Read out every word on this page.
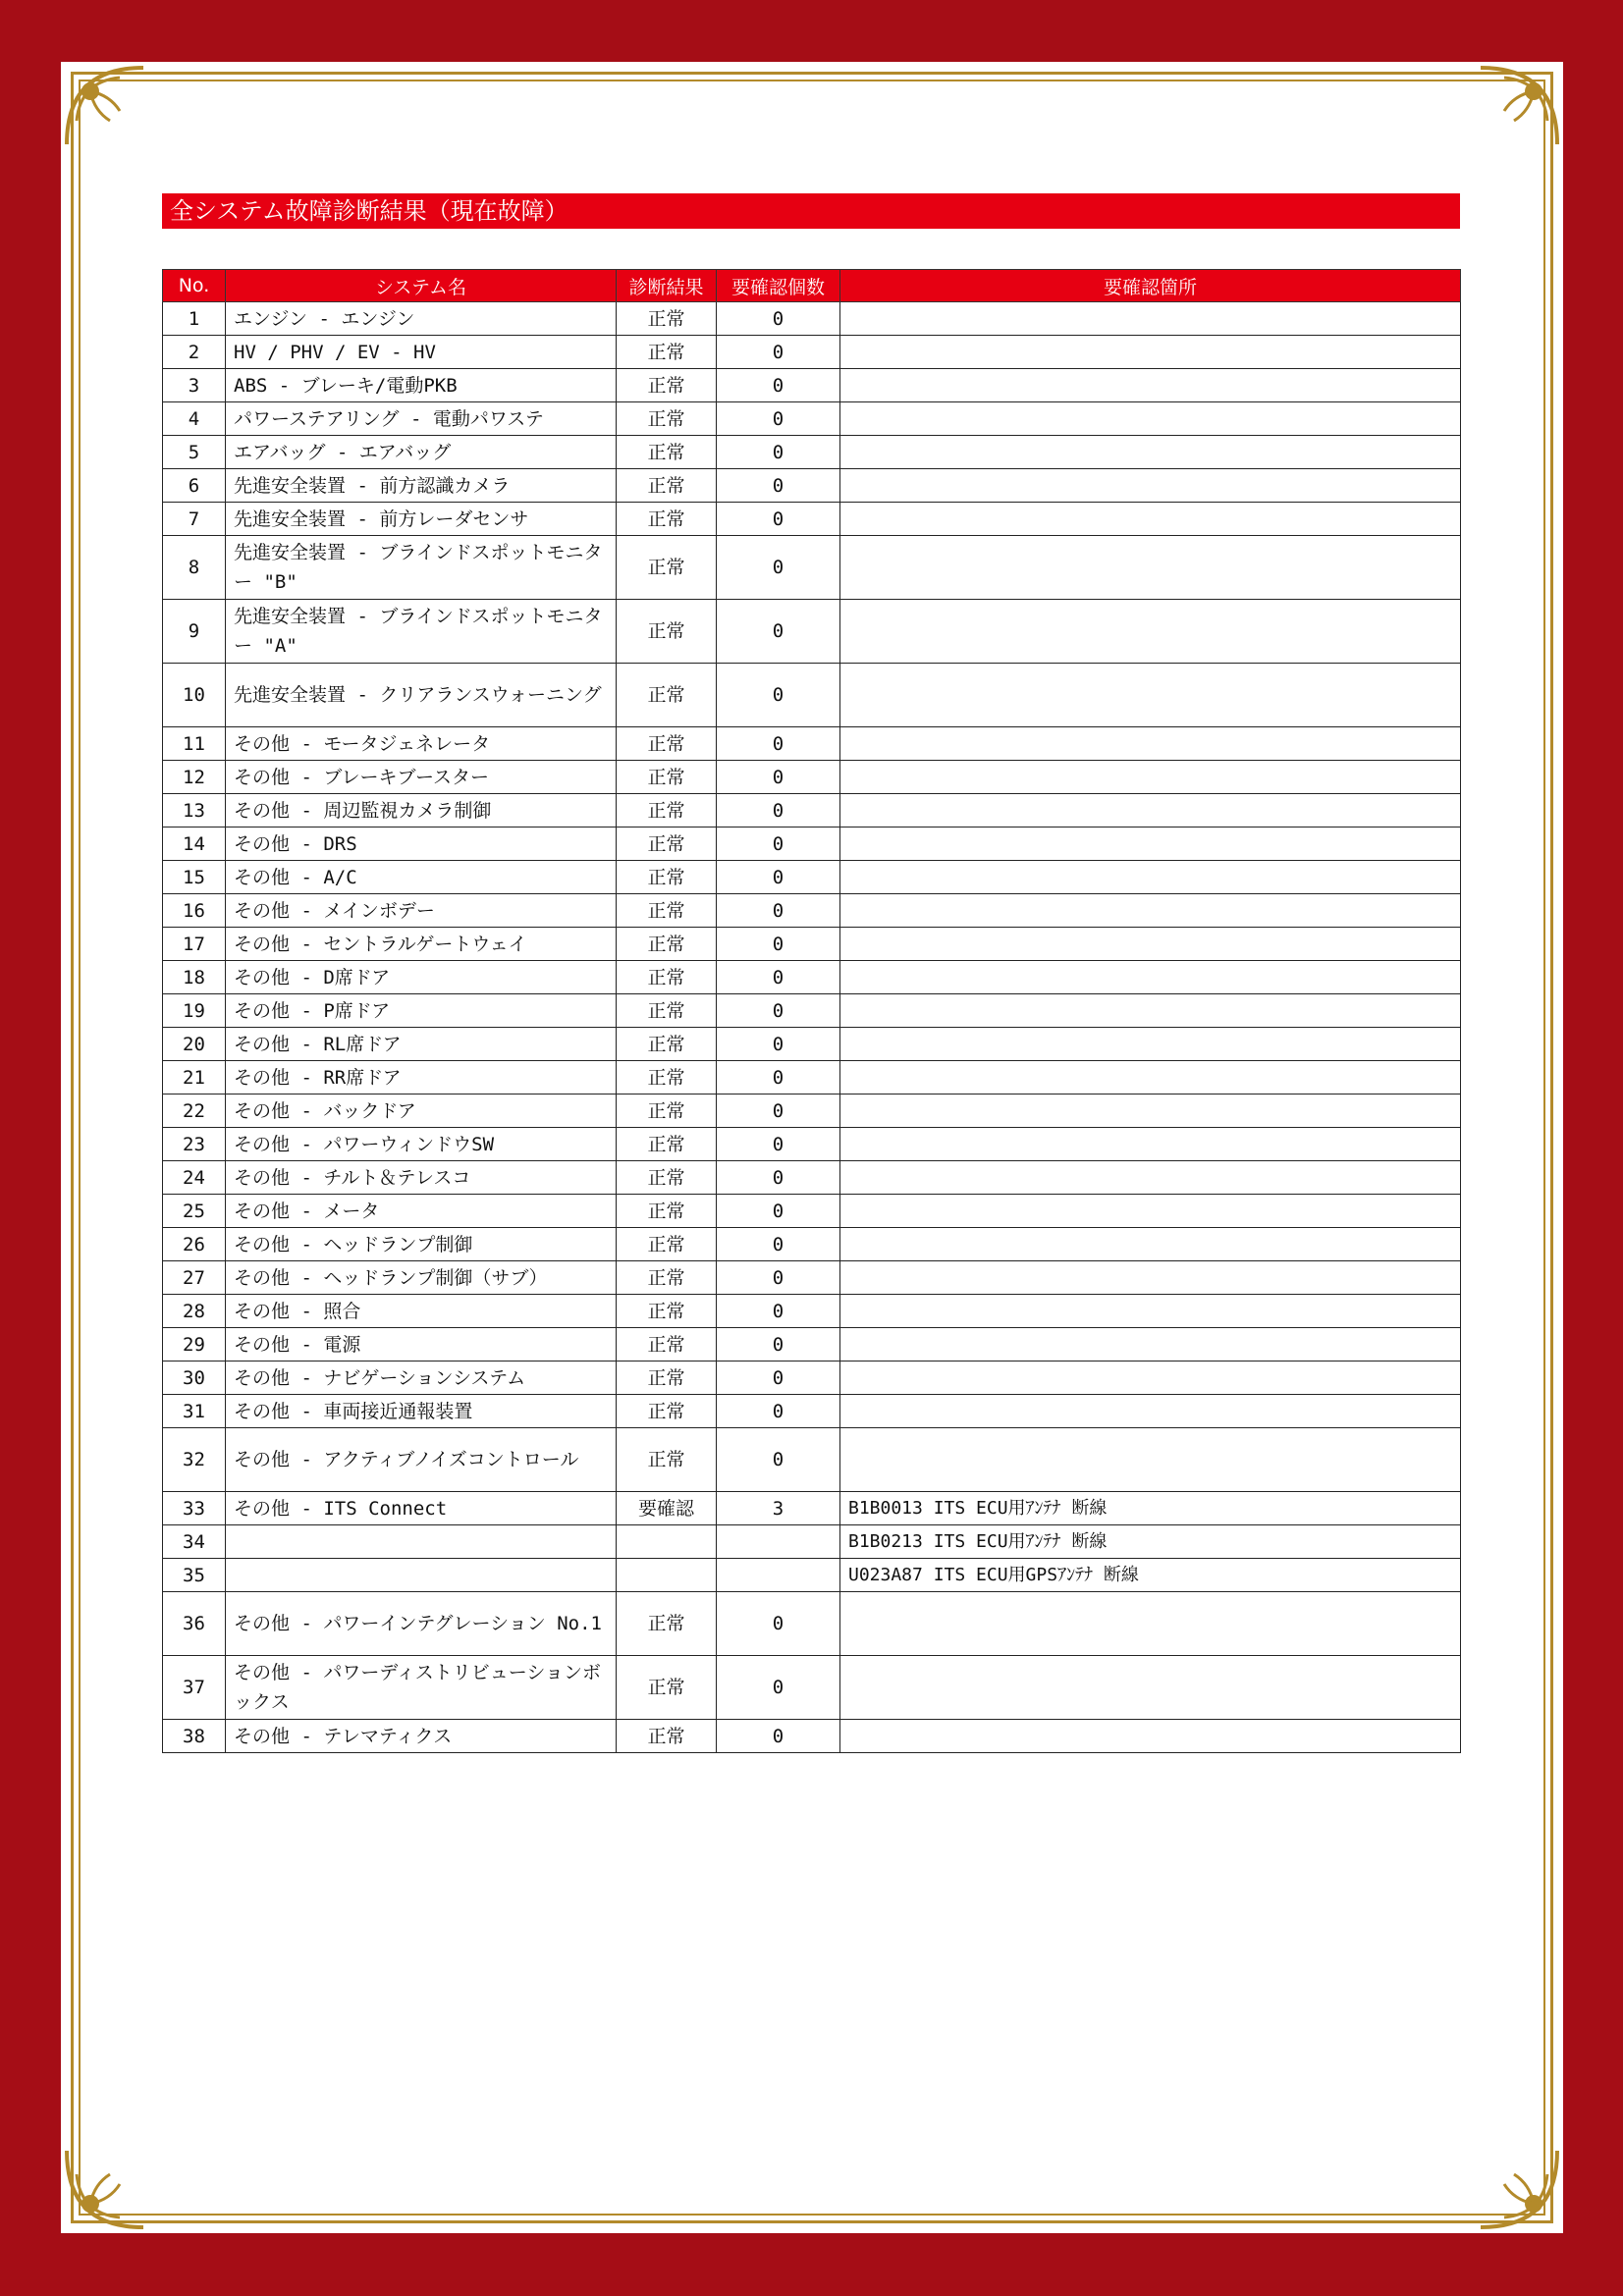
全システム故障診断結果（現在故障）
No.	システム名	診断結果	要確認個数	要確認箇所
1	エンジン - エンジン	正常	0	
2	HV / PHV / EV - HV	正常	0	
3	ABS - ブレーキ/電動PKB	正常	0	
4	パワーステアリング - 電動パワステ	正常	0	
5	エアバッグ - エアバッグ	正常	0	
6	先進安全装置 - 前方認識カメラ	正常	0	
7	先進安全装置 - 前方レーダセンサ	正常	0	
8	先進安全装置 - ブラインドスポットモニター "B"	正常	0	
9	先進安全装置 - ブラインドスポットモニター "A"	正常	0	
10	先進安全装置 - クリアランスウォーニング	正常	0	
11	その他 - モータジェネレータ	正常	0	
12	その他 - ブレーキブースター	正常	0	
13	その他 - 周辺監視カメラ制御	正常	0	
14	その他 - DRS	正常	0	
15	その他 - A/C	正常	0	
16	その他 - メインボデー	正常	0	
17	その他 - セントラルゲートウェイ	正常	0	
18	その他 - D席ドア	正常	0	
19	その他 - P席ドア	正常	0	
20	その他 - RL席ドア	正常	0	
21	その他 - RR席ドア	正常	0	
22	その他 - バックドア	正常	0	
23	その他 - パワーウィンドウSW	正常	0	
24	その他 - チルト＆テレスコ	正常	0	
25	その他 - メータ	正常	0	
26	その他 - ヘッドランプ制御	正常	0	
27	その他 - ヘッドランプ制御（サブ）	正常	0	
28	その他 - 照合	正常	0	
29	その他 - 電源	正常	0	
30	その他 - ナビゲーションシステム	正常	0	
31	その他 - 車両接近通報装置	正常	0	
32	その他 - アクティブノイズコントロール	正常	0	
33	その他 - ITS Connect	要確認	3	B1B0013 ITS ECU用ｱﾝﾃﾅ 断線
34				B1B0213 ITS ECU用ｱﾝﾃﾅ 断線
35				U023A87 ITS ECU用GPSｱﾝﾃﾅ 断線
36	その他 - パワーインテグレーション No.1	正常	0	
37	その他 - パワーディストリビューションボックス	正常	0	
38	その他 - テレマティクス	正常	0	
